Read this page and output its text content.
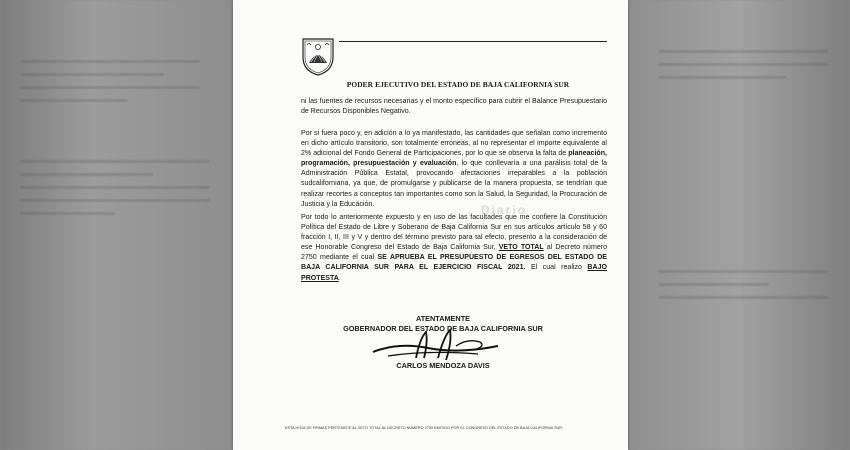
PODER EJECUTIVO DEL ESTADO DE BAJA CALIFORNIA SUR
Diario
ni las fuentes de recursos necesarias y el monto específico para cubrir el Balance Presupuestario de Recursos Disponibles Negativo.
Por si fuera poco y, en adición a lo ya manifestado, las cantidades que señalan como incremento en dicho artículo transitorio, son totalmente erróneas, al no representar el importe equivalente al 2% adicional del Fondo General de Participaciones, por lo que se observa la falta de planeación, programación, presupuestación y evaluación, lo que conllevaría a una parálisis total de la Administración Pública Estatal, provocando afectaciones irreparables a la población sudcaliforniana, ya que, de promulgarse y publicarse de la manera propuesta, se tendrían que realizar recortes a conceptos tan importantes como son la Salud, la Seguridad, la Procuración de Justicia y la Educación.
Por todo lo anteriormente expuesto y en uso de las facultades que me confiere la Constitución Política del Estado de Libre y Soberano de Baja California Sur en sus artículos artículo 58 y 60 fracción I, II, III y V y dentro del término previsto para tal efecto, presento a la consideración de ese Honorable Congreso del Estado de Baja California Sur, VETO TOTAL al Decreto número 2750 mediante el cual SE APRUEBA EL PRESUPUESTO DE EGRESOS DEL ESTADO DE BAJA CALIFORNIA SUR PARA EL EJERCICIO FISCAL 2021. El cual realizo BAJO PROTESTA.
ATENTAMENTE
GOBERNADOR DEL ESTADO DE BAJA CALIFORNIA SUR
CARLOS MENDOZA DAVIS
ESTA HOJA DE FIRMAS PERTENECE AL VETO TOTAL AL DECRETO NÚMERO 2750 EMITIDO POR EL CONGRESO DEL ESTADO DE BAJA CALIFORNIA SUR.
